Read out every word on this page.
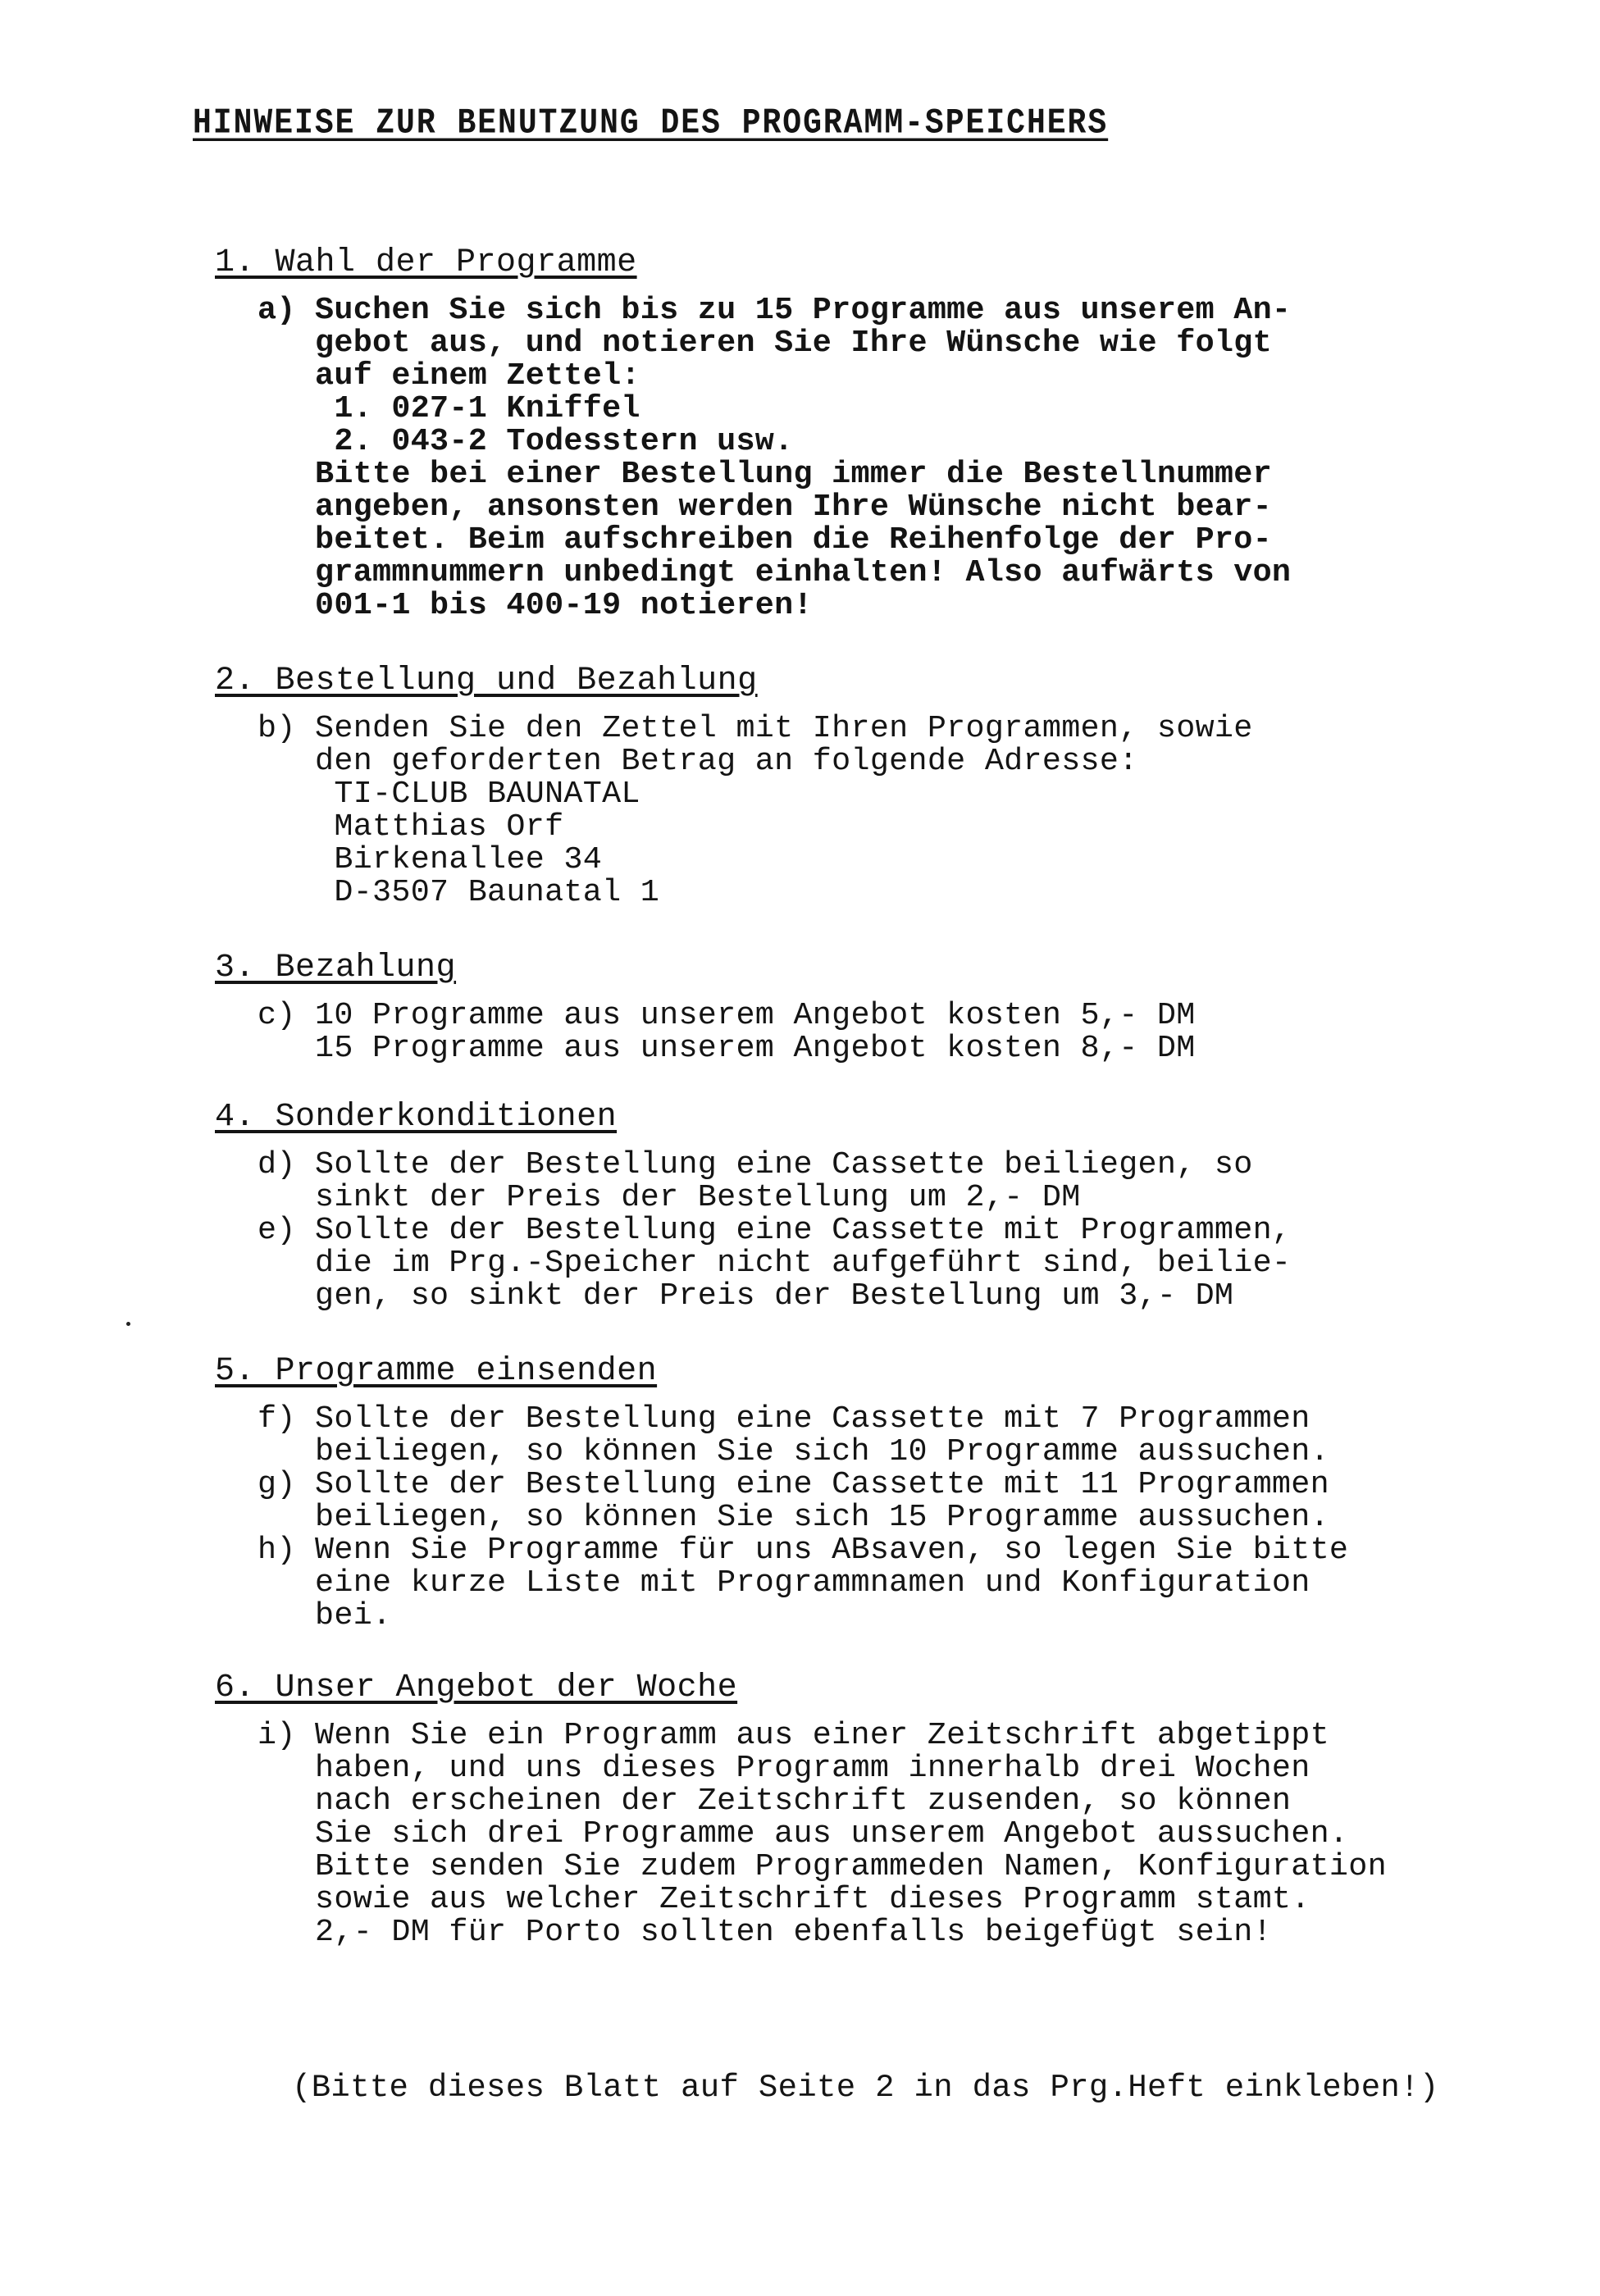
HINWEISE ZUR BENUTZUNG DES PROGRAMM-SPEICHERS
1. Wahl der Programme
a) Suchen Sie sich bis zu 15 Programme aus unserem An-
gebot aus, und notieren Sie Ihre Wünsche wie folgt
auf einem Zettel:
1. 027-1 Kniffel
2. 043-2 Todesstern usw.
Bitte bei einer Bestellung immer die Bestellnummer
angeben, ansonsten werden Ihre Wünsche nicht bear-
beitet. Beim aufschreiben die Reihenfolge der Pro-
grammnummern unbedingt einhalten! Also aufwärts von
001-1 bis 400-19 notieren!
2. Bestellung und Bezahlung
b) Senden Sie den Zettel mit Ihren Programmen, sowie
den geforderten Betrag an folgende Adresse:
TI-CLUB BAUNATAL
Matthias Orf
Birkenallee 34
D-3507 Baunatal 1
3. Bezahlung
c) 10 Programme aus unserem Angebot kosten 5,- DM
15 Programme aus unserem Angebot kosten 8,- DM
4. Sonderkonditionen
d) Sollte der Bestellung eine Cassette beiliegen, so
sinkt der Preis der Bestellung um 2,- DM
e) Sollte der Bestellung eine Cassette mit Programmen,
die im Prg.-Speicher nicht aufgeführt sind, beilie-
gen, so sinkt der Preis der Bestellung um 3,- DM
5. Programme einsenden
f) Sollte der Bestellung eine Cassette mit 7 Programmen
beiliegen, so können Sie sich 10 Programme aussuchen.
g) Sollte der Bestellung eine Cassette mit 11 Programmen
beiliegen, so können Sie sich 15 Programme aussuchen.
h) Wenn Sie Programme für uns ABsaven, so legen Sie bitte
eine kurze Liste mit Programmnamen und Konfiguration
bei.
6. Unser Angebot der Woche
i) Wenn Sie ein Programm aus einer Zeitschrift abgetippt
haben, und uns dieses Programm innerhalb drei Wochen
nach erscheinen der Zeitschrift zusenden, so können
Sie sich drei Programme aus unserem Angebot aussuchen.
Bitte senden Sie zudem Programmeden Namen, Konfiguration
sowie aus welcher Zeitschrift dieses Programm stamt.
2,- DM für Porto sollten ebenfalls beigefügt sein!
(Bitte dieses Blatt auf Seite 2 in das Prg.Heft einkleben!)
